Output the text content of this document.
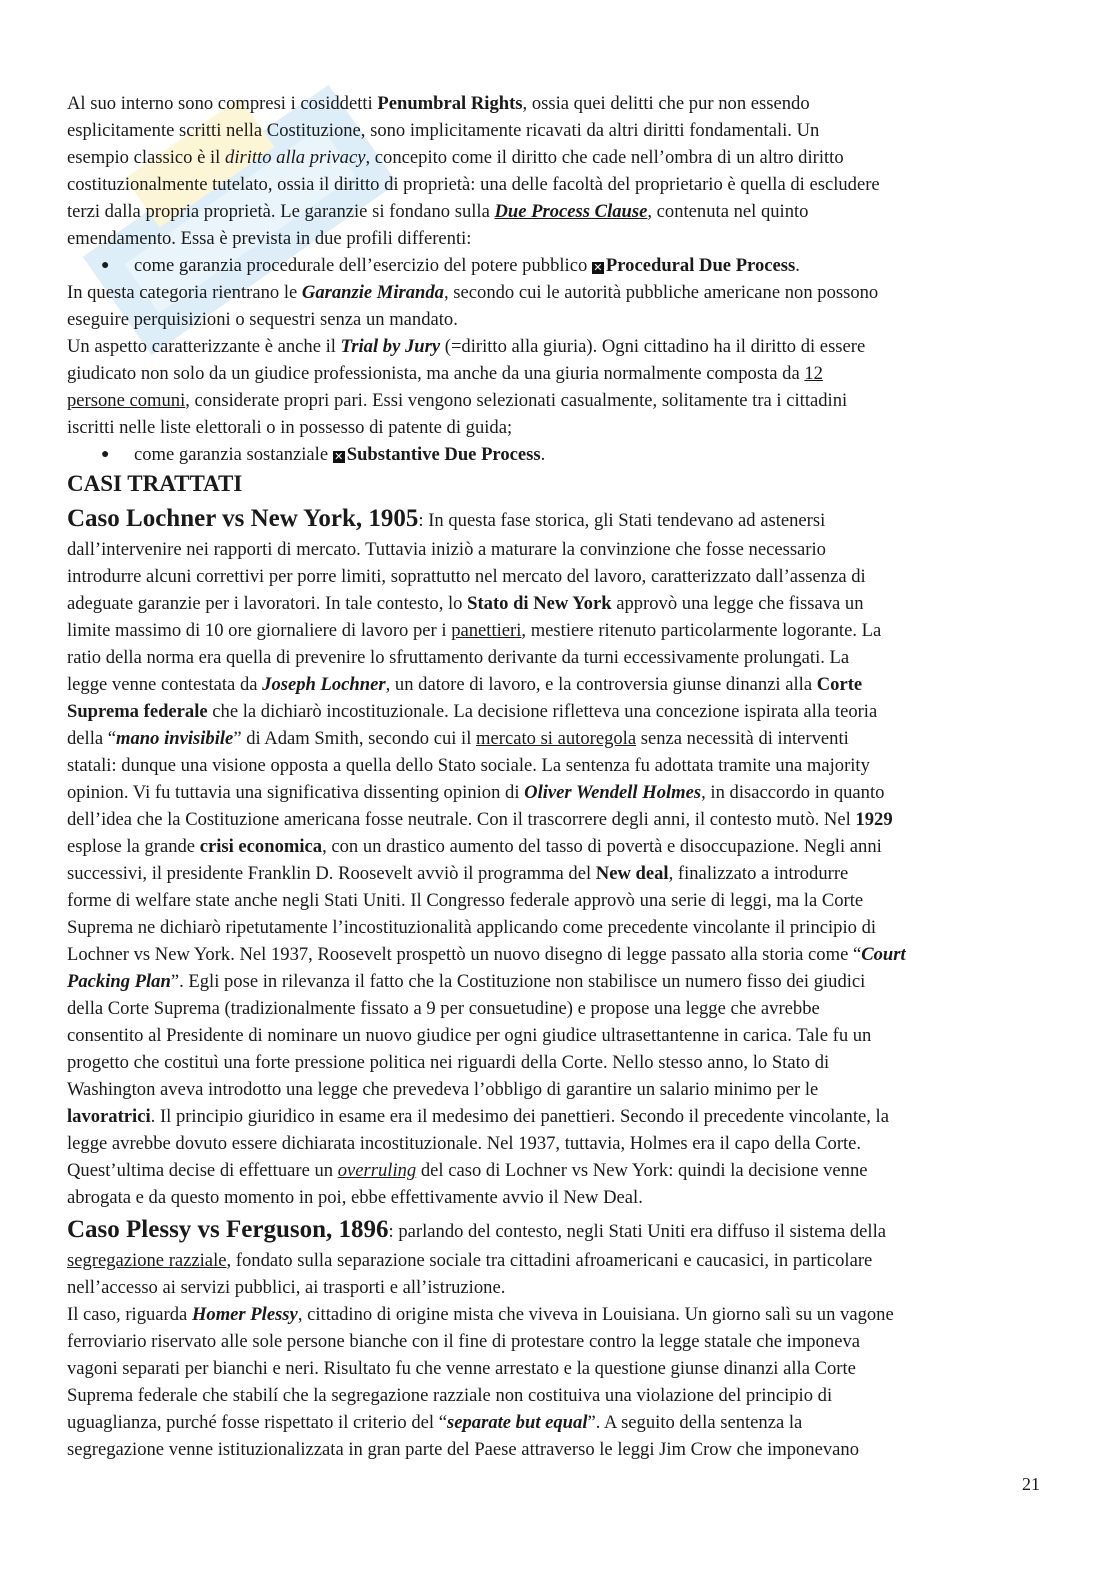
Al suo interno sono compresi i cosiddetti Penumbral Rights, ossia quei delitti che pur non essendo
esplicitamente scritti nella Costituzione, sono implicitamente ricavati da altri diritti fondamentali. Un
esempio classico è il diritto alla privacy, concepito come il diritto che cade nell’ombra di un altro diritto
costituzionalmente tutelato, ossia il diritto di proprietà: una delle facoltà del proprietario è quella di escludere
terzi dalla propria proprietà. Le garanzie si fondano sulla Due Process Clause, contenuta nel quinto
emendamento. Essa è prevista in due profili differenti:
● come garanzia procedurale dell’esercizio del potere pubblico ✕ Procedural Due Process.
In questa categoria rientrano le Garanzie Miranda, secondo cui le autorità pubbliche americane non possono
eseguire perquisizioni o sequestri senza un mandato.
Un aspetto caratterizzante è anche il Trial by Jury (=diritto alla giuria). Ogni cittadino ha il diritto di essere
giudicato non solo da un giudice professionista, ma anche da una giuria normalmente composta da 12
persone comuni, considerate propri pari. Essi vengono selezionati casualmente, solitamente tra i cittadini
iscritti nelle liste elettorali o in possesso di patente di guida;
● come garanzia sostanziale ✕ Substantive Due Process.
CASI TRATTATI
Caso Lochner vs New York, 1905: In questa fase storica, gli Stati tendevano ad astenersi
dall’intervenire nei rapporti di mercato. Tuttavia iniziò a maturare la convinzione che fosse necessario
introdurre alcuni correttivi per porre limiti, soprattutto nel mercato del lavoro, caratterizzato dall’assenza di
adeguate garanzie per i lavoratori. In tale contesto, lo Stato di New York approvò una legge che fissava un
limite massimo di 10 ore giornaliere di lavoro per i panettieri, mestiere ritenuto particolarmente logorante. La
ratio della norma era quella di prevenire lo sfruttamento derivante da turni eccessivamente prolungati. La
legge venne contestata da Joseph Lochner, un datore di lavoro, e la controversia giunse dinanzi alla Corte
Suprema federale che la dichiarò incostituzionale. La decisione rifletteva una concezione ispirata alla teoria
della “mano invisibile” di Adam Smith, secondo cui il mercato si autoregola senza necessità di interventi
statali: dunque una visione opposta a quella dello Stato sociale. La sentenza fu adottata tramite una majority
opinion. Vi fu tuttavia una significativa dissenting opinion di Oliver Wendell Holmes, in disaccordo in quanto
dell’idea che la Costituzione americana fosse neutrale. Con il trascorrere degli anni, il contesto mutò. Nel 1929
esplose la grande crisi economica, con un drastico aumento del tasso di povertà e disoccupazione. Negli anni
successivi, il presidente Franklin D. Roosevelt avviò il programma del New deal, finalizzato a introdurre
forme di welfare state anche negli Stati Uniti. Il Congresso federale approvò una serie di leggi, ma la Corte
Suprema ne dichiarò ripetutamente l’incostituzionalità applicando come precedente vincolante il principio di
Lochner vs New York. Nel 1937, Roosevelt prospettò un nuovo disegno di legge passato alla storia come “Court
Packing Plan”. Egli pose in rilevanza il fatto che la Costituzione non stabilisce un numero fisso dei giudici
della Corte Suprema (tradizionalmente fissato a 9 per consuetudine) e propose una legge che avrebbe
consentito al Presidente di nominare un nuovo giudice per ogni giudice ultrasettantenne in carica. Tale fu un
progetto che costituì una forte pressione politica nei riguardi della Corte. Nello stesso anno, lo Stato di
Washington aveva introdotto una legge che prevedeva l’obbligo di garantire un salario minimo per le
lavoratrici. Il principio giuridico in esame era il medesimo dei panettieri. Secondo il precedente vincolante, la
legge avrebbe dovuto essere dichiarata incostituzionale. Nel 1937, tuttavia, Holmes era il capo della Corte.
Quest’ultima decise di effettuare un overruling del caso di Lochner vs New York: quindi la decisione venne
abrogata e da questo momento in poi, ebbe effettivamente avvio il New Deal.
Caso Plessy vs Ferguson, 1896: parlando del contesto, negli Stati Uniti era diffuso il sistema della
segregazione razziale, fondato sulla separazione sociale tra cittadini afroamericani e caucasici, in particolare
nell’accesso ai servizi pubblici, ai trasporti e all’istruzione.
Il caso, riguarda Homer Plessy, cittadino di origine mista che viveva in Louisiana. Un giorno salì su un vagone
ferroviario riservato alle sole persone bianche con il fine di protestare contro la legge statale che imponeva
vagoni separati per bianchi e neri. Risultato fu che venne arrestato e la questione giunse dinanzi alla Corte
Suprema federale che stabilí che la segregazione razziale non costituiva una violazione del principio di
uguaglianza, purché fosse rispettato il criterio del “separate but equal”. A seguito della sentenza la
segregazione venne istituzionalizzata in gran parte del Paese attraverso le leggi Jim Crow che imponevano
21
